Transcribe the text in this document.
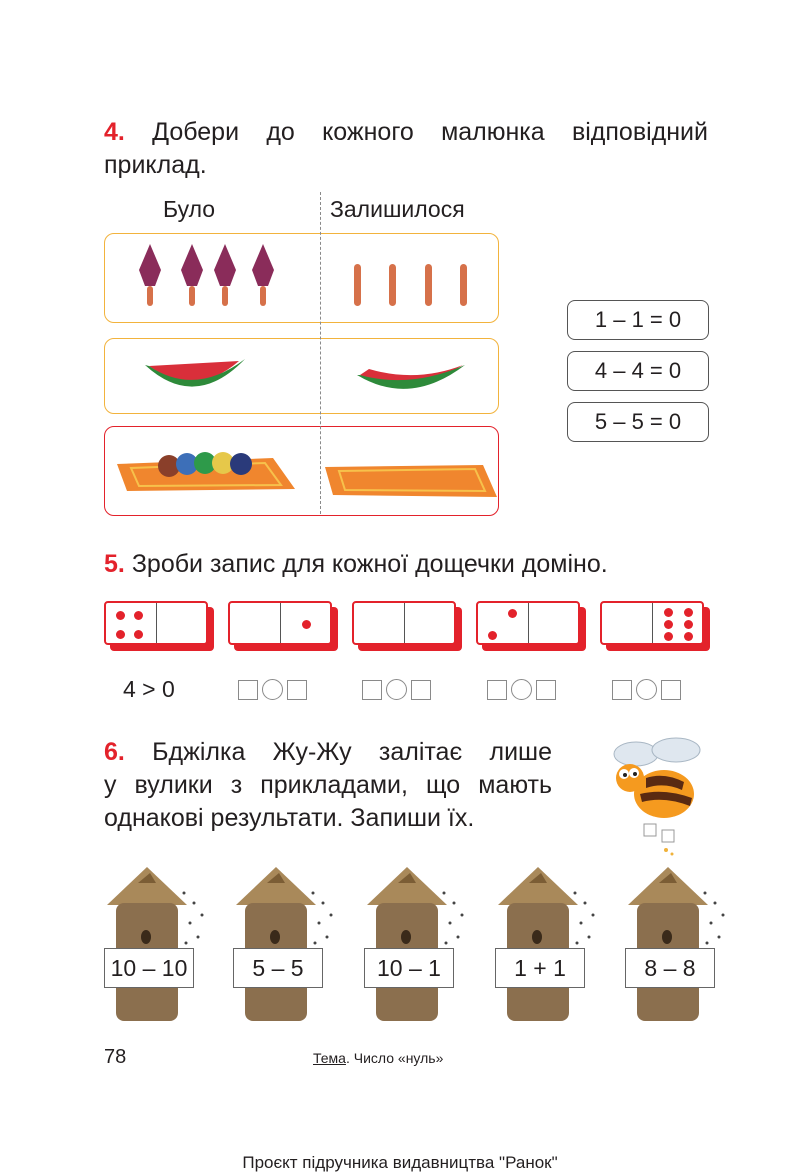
4. Добери до кожного малюнка відповідний
приклад.
Було	Залишилося
1 – 1 = 0
4 – 4 = 0
5 – 5 = 0
5. Зроби запис для кожної дощечки доміно.
4 > 0
6. Бджілка Жу-Жу залітає лише
у вулики з прикладами, що мають
однакові результати. Запиши їх.
10 – 10	5 – 5	10 – 1	1 + 1	8 – 8
78	Тема. Число «нуль»
Проєкт підручника видавництва "Ранок"
